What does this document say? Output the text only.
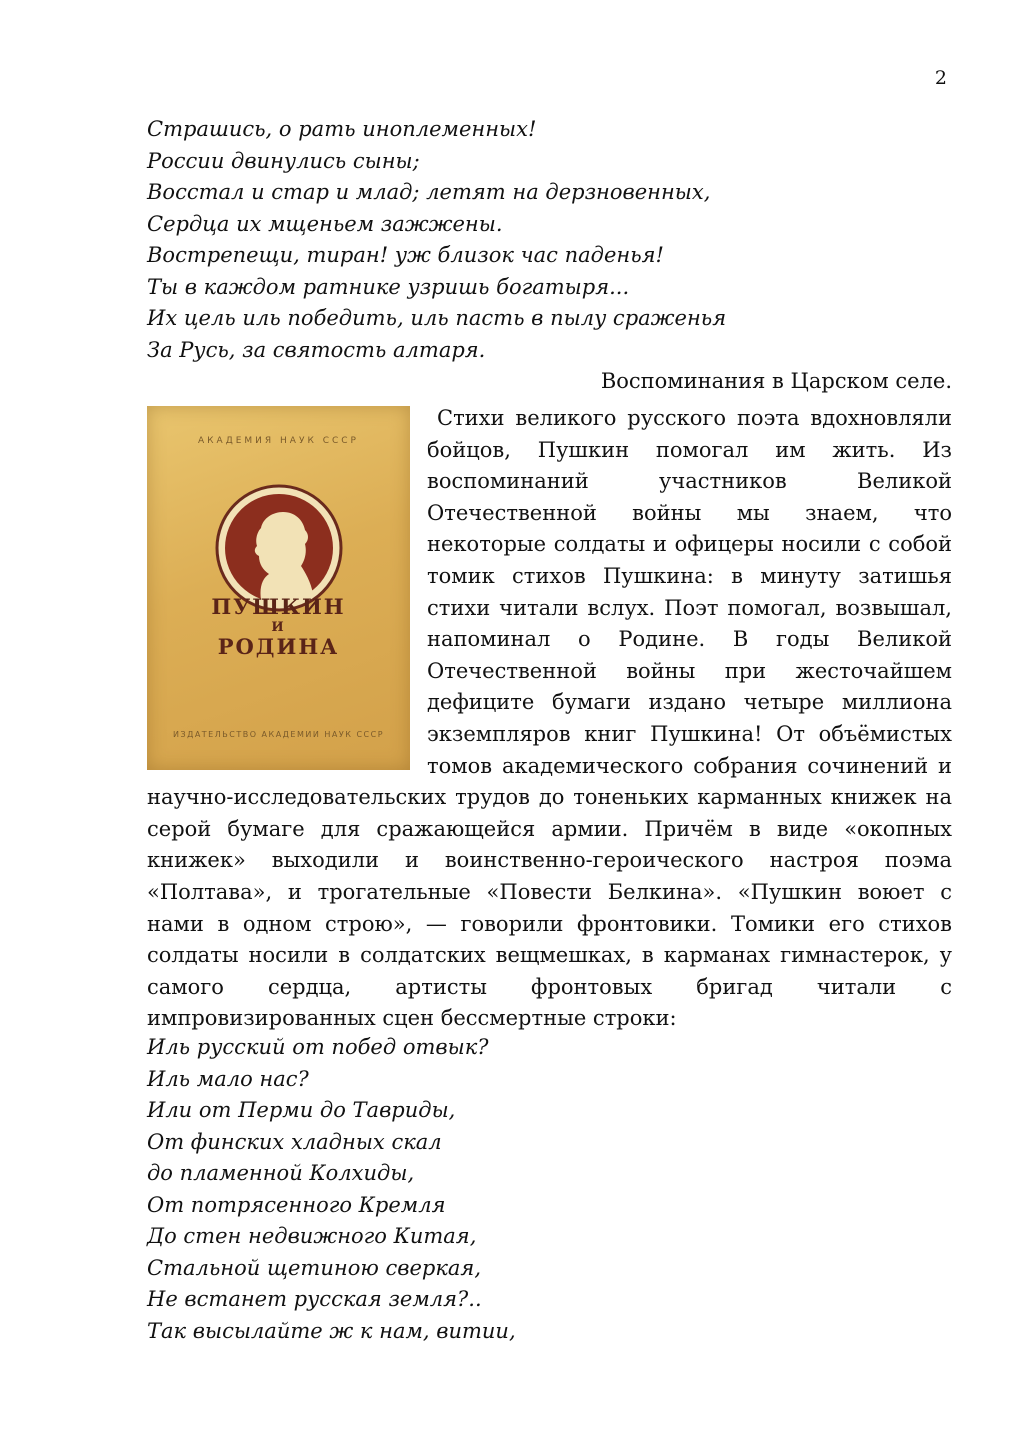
2
Страшись, о рать иноплеменных!
России двинулись сыны;
Восстал и стар и млад; летят на дерзновенных,
Сердца их мщеньем зажжены.
Вострепещи, тиран! уж близок час паденья!
Ты в каждом ратнике узришь богатыря...
Их цель иль победить, иль пасть в пылу сраженья
За Русь, за святость алтаря.
Воспоминания в Царском селе.
АКАДЕМИЯ НАУК СССР
ПУШКИН
И
РОДИНА
ИЗДАТЕЛЬСТВО АКАДЕМИИ НАУК СССР
Стихи великого русского поэта вдохновляли
бойцов, Пушкин помогал им жить. Из
воспоминаний участников Великой
Отечественной войны мы знаем, что
некоторые солдаты и офицеры носили с собой
томик стихов Пушкина: в минуту затишья
стихи читали вслух. Поэт помогал, возвышал,
напоминал о Родине. В годы Великой
Отечественной войны при жесточайшем
дефиците бумаги издано четыре миллиона
экземпляров книг Пушкина! От объёмистых
томов академического собрания сочинений и
научно-исследовательских трудов до тоненьких карманных книжек на
серой бумаге для сражающейся армии. Причём в виде «окопных
книжек» выходили и воинственно-героического настроя поэма
«Полтава», и трогательные «Повести Белкина». «Пушкин воюет с
нами в одном строю», — говорили фронтовики. Томики его стихов
солдаты носили в солдатских вещмешках, в карманах гимнастерок, у
самого сердца, артисты фронтовых бригад читали с
импровизированных сцен бессмертные строки:
Иль русский от побед отвык?
Иль мало нас?
Или от Перми до Тавриды,
От финских хладных скал
до пламенной Колхиды,
От потрясенного Кремля
До стен недвижного Китая,
Стальной щетиною сверкая,
Не встанет русская земля?..
Так высылайте ж к нам, витии,
